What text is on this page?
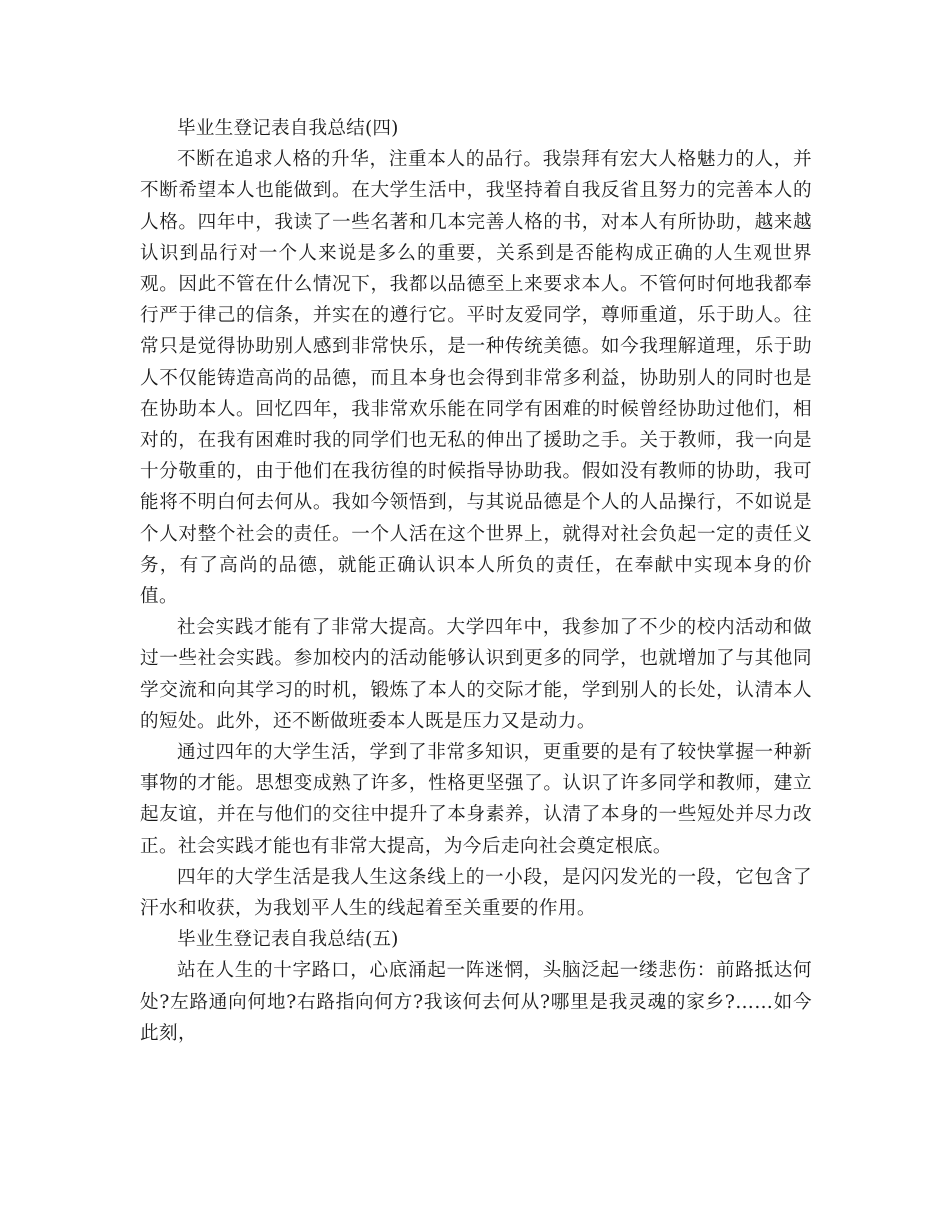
毕业生登记表自我总结(四)

不断在追求人格的升华，注重本人的品行。我崇拜有宏大人格魅力的人，并不断希望本人也能做到。在大学生活中，我坚持着自我反省且努力的完善本人的人格。四年中，我读了一些名著和几本完善人格的书，对本人有所协助，越来越认识到品行对一个人来说是多么的重要，关系到是否能构成正确的人生观世界观。因此不管在什么情况下，我都以品德至上来要求本人。不管何时何地我都奉行严于律己的信条，并实在的遵行它。平时友爱同学，尊师重道，乐于助人。往常只是觉得协助别人感到非常快乐，是一种传统美德。如今我理解道理，乐于助人不仅能铸造高尚的品德，而且本身也会得到非常多利益，协助别人的同时也是在协助本人。回忆四年，我非常欢乐能在同学有困难的时候曾经协助过他们，相对的，在我有困难时我的同学们也无私的伸出了援助之手。关于教师，我一向是十分敬重的，由于他们在我彷徨的时候指导协助我。假如没有教师的协助，我可能将不明白何去何从。我如今领悟到，与其说品德是个人的人品操行，不如说是个人对整个社会的责任。一个人活在这个世界上，就得对社会负起一定的责任义务，有了高尚的品德，就能正确认识本人所负的责任，在奉献中实现本身的价值。

社会实践才能有了非常大提高。大学四年中，我参加了不少的校内活动和做过一些社会实践。参加校内的活动能够认识到更多的同学，也就增加了与其他同学交流和向其学习的时机，锻炼了本人的交际才能，学到别人的长处，认清本人的短处。此外，还不断做班委本人既是压力又是动力。

通过四年的大学生活，学到了非常多知识，更重要的是有了较快掌握一种新事物的才能。思想变成熟了许多，性格更坚强了。认识了许多同学和教师，建立起友谊，并在与他们的交往中提升了本身素养，认清了本身的一些短处并尽力改正。社会实践才能也有非常大提高，为今后走向社会奠定根底。

四年的大学生活是我人生这条线上的一小段，是闪闪发光的一段，它包含了汗水和收获，为我划平人生的线起着至关重要的作用。

毕业生登记表自我总结(五)

站在人生的十字路口，心底涌起一阵迷惘，头脑泛起一缕悲伤：前路抵达何处?左路通向何地?右路指向何方?我该何去何从?哪里是我灵魂的家乡?……如今此刻，
